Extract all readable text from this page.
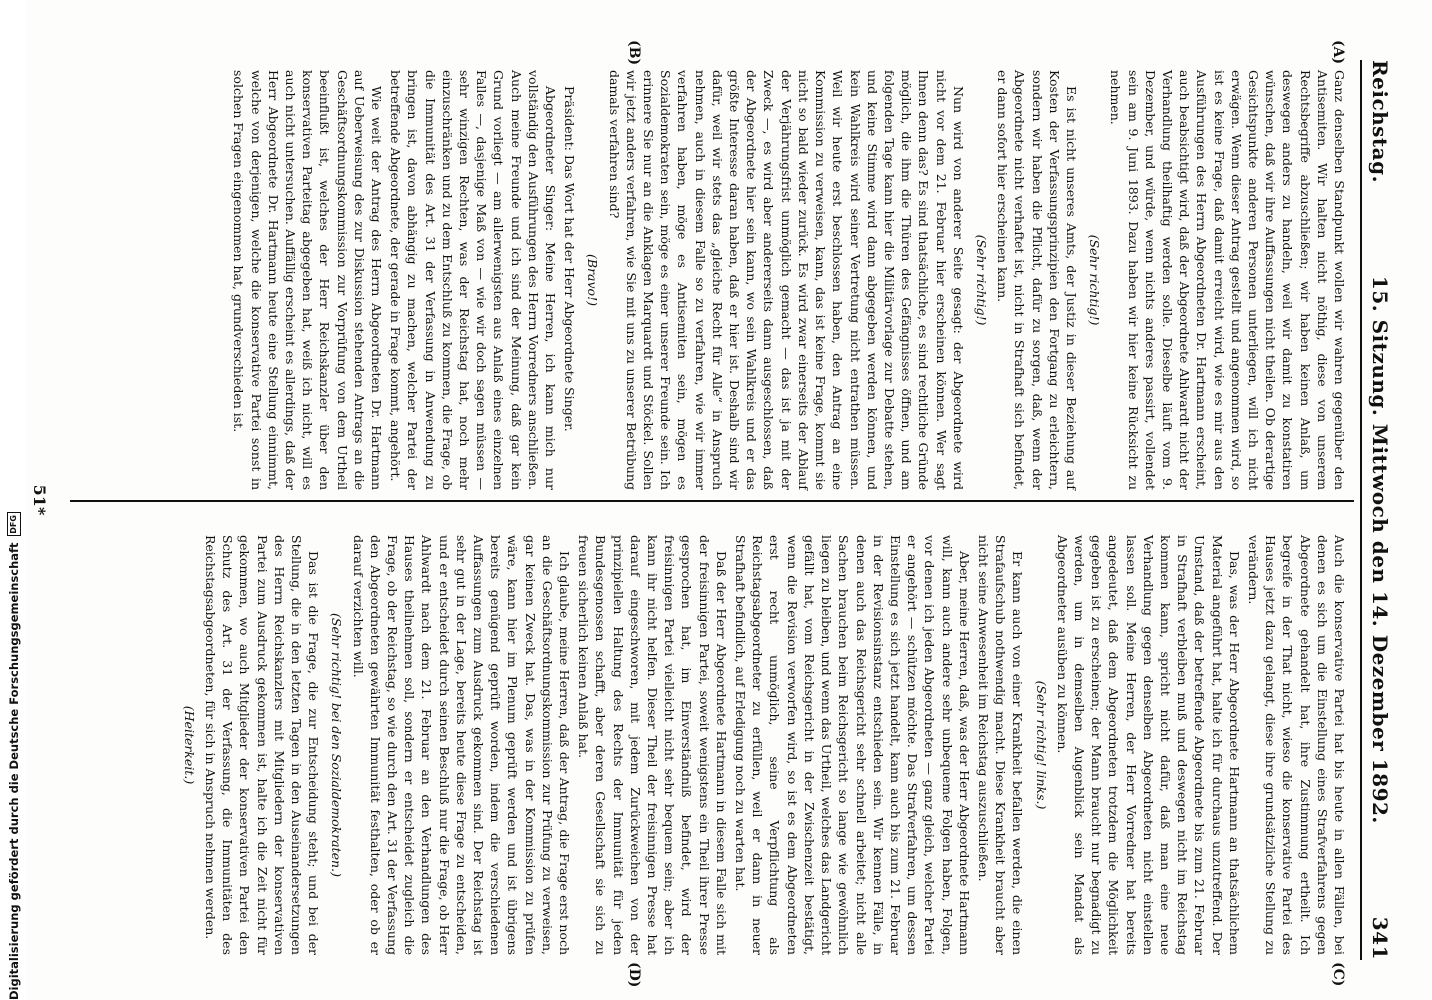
Digitalisierung gefördert durch die Deutsche Forschungsgemeinschaft
DFG
Reichstag.
15. Sitzung. Mittwoch den 14. Dezember 1892.
341
(A)
(B)
(C)
(D)

Ganz denselben Standpunkt wollen wir wahren gegenüber den Antisemiten. Wir halten nicht nöthig, diese von unserem Rechtsbegriffe abzuschließen; wir haben keinen Anlaß, um deswegen anders zu handeln, weil wir damit zu konstatiren wünschen, daß wir ihre Auffassungen nicht theilen. Ob derartige Gesichtspunkte anderen Personen unterliegen, will ich nicht erwägen. Wenn dieser Antrag gestellt und angenommen wird, so ist es keine Frage, daß damit erreicht wird, wie es mir aus den Ausführungen des Herrn Abgeordneten Dr. Hartmann erscheint, auch beabsichtigt wird, daß der Abgeordnete Ahlwardt nicht der Verhandlung theilhaftig werden solle. Dieselbe läuft vom 9. Dezember, und würde, wenn nichts anderes passirt, vollendet sein am 9. Juni 1893. Dazu haben wir hier keine Rücksicht zu nehmen.

(Sehr richtig!)

Es ist nicht unseres Amts, der Justiz in dieser Beziehung auf Kosten der Verfassungsprinzipien den Fortgang zu erleichtern, sondern wir haben die Pflicht, dafür zu sorgen, daß, wenn der Abgeordnete nicht verhaftet ist, nicht in Strafhaft sich befindet, er dann sofort hier erscheinen kann.

(Sehr richtig!)

Nun wird von anderer Seite gesagt: der Abgeordnete wird nicht vor dem 21. Februar hier erscheinen können. Wer sagt Ihnen denn das? Es sind thatsächliche, es sind rechtliche Gründe möglich, die ihm die Thüren des Gefängnisses öffnen, und am folgenden Tage kann hier die Militärvorlage zur Debatte stehen, und keine Stimme wird dann abgegeben werden können, und kein Wahlkreis wird seiner Vertretung nicht entrathen müssen. Weil wir heute erst beschlossen haben, den Antrag an eine Kommission zu verweisen, kann, das ist keine Frage, kommt sie nicht so bald wieder zurück. Es wird zwar einerseits der Ablauf der Verjährungsfrist unmöglich gemacht — das ist ja mit der Zweck —, es wird aber andererseits dann ausgeschlossen, daß der Abgeordnete hier sein kann, wo sein Wahlkreis und er das größte Interesse daran haben, daß er hier ist. Deshalb sind wir dafür, weil wir stets das „gleiche Recht für Alle“ in Anspruch nehmen, auch in diesem Falle so zu verfahren, wie wir immer verfahren haben, möge es Antisemiten sein, mögen es Sozialdemokraten sein, möge es einer unserer Freunde sein. Ich erinnere Sie nur an die Anklagen Marquardt und Stöckel. Sollen wir jetzt anders verfahren, wie Sie mit uns zu unserer Betrübung damals verfahren sind?

(Bravo!)

Präsident: Das Wort hat der Herr Abgeordnete Singer.

Abgeordneter Singer: Meine Herren, ich kann mich nur vollständig den Ausführungen des Herrn Vorredners anschließen. Auch meine Freunde und ich sind der Meinung, daß gar kein Grund vorliegt — am allerwenigsten aus Anlaß eines einzelnen Falles —, dasjenige Maß von — wie wir doch sagen müssen — sehr winzigen Rechten, was der Reichstag hat, noch mehr einzuschränken und zu dem Entschluß zu kommen, die Frage, ob die Immunität des Art. 31 der Verfassung in Anwendung zu bringen ist, davon abhängig zu machen, welcher Partei der betreffende Abgeordnete, der gerade in Frage kommt, angehört.

Wie weit der Antrag des Herrn Abgeordneten Dr. Hartmann auf Ueberweisung des zur Diskussion stehenden Antrags an die Geschäftsordnungskommission zur Vorprüfung von dem Urtheil beeinflußt ist, welches der Herr Reichskanzler über den konservativen Parteitag abgegeben hat, weiß ich nicht, will es auch nicht untersuchen. Auffällig erscheint es allerdings, daß der Herr Abgeordnete Dr. Hartmann heute eine Stellung einnimmt, welche von derjenigen, welche die konservative Partei sonst in solchen Fragen eingenommen hat, grundverschieden ist.

Auch die konservative Partei hat bis heute in allen Fällen, bei denen es sich um die Einstellung eines Strafverfahrens gegen Abgeordnete gehandelt hat, ihre Zustimmung ertheilt. Ich begreife in der That nicht, wieso die konservative Partei des Hauses jetzt dazu gelangt, diese ihre grundsätzliche Stellung zu verändern.

Das, was der Herr Abgeordnete Hartmann an thatsächlichem Material angeführt hat, halte ich für durchaus unzutreffend. Der Umstand, daß der betreffende Abgeordnete bis zum 21. Februar in Strafhaft verbleiben muß und deswegen nicht im Reichstag kommen kann, spricht nicht dafür, daß man eine neue Verhandlung gegen denselben Abgeordneten nicht einstellen lassen soll. Meine Herren, der Herr Vorredner hat bereits angedeutet, daß dem Abgeordneten trotzdem die Möglichkeit gegeben ist zu erscheinen; der Mann braucht nur begnadigt zu werden, um in demselben Augenblick sein Mandat als Abgeordneter ausüben zu können.

(Sehr richtig! links.)

Er kann auch von einer Krankheit befallen werden, die einen Strafaufschub nothwendig macht. Diese Krankheit braucht aber nicht seine Anwesenheit im Reichstag auszuschließen.

Aber, meine Herren, daß, was der Herr Abgeordnete Hartmann will, kann auch andere sehr unbequeme Folgen haben, Folgen, vor denen ich jeden Abgeordneten — ganz gleich, welcher Partei er angehört — schützen möchte. Das Strafverfahren, um dessen Einstellung es sich jetzt handelt, kann auch bis zum 21. Februar in der Revisionsinstanz entschieden sein. Wir kennen Fälle, in denen auch das Reichsgericht sehr schnell arbeitet; nicht alle Sachen brauchen beim Reichsgericht so lange wie gewöhnlich liegen zu bleiben, und wenn das Urtheil, welches das Landgericht gefällt hat, vom Reichsgericht in der Zwischenzeit bestätigt, wenn die Revision verworfen wird, so ist es dem Abgeordneten erst recht unmöglich, seine Verpflichtung als Reichstagsabgeordneter zu erfüllen, weil er dann in neuer Strafhaft befindlich, auf Erledigung noch zu warten hat.

Daß der Herr Abgeordnete Hartmann in diesem Falle sich mit der freisinnigen Partei, soweit wenigstens ein Theil ihrer Presse gesprochen hat, im Einverständniß befindet, wird der freisinnigen Partei vielleicht nicht sehr bequem sein; aber ich kann ihr nicht helfen. Dieser Theil der freisinnigen Presse hat darauf eingeschworen, mit jedem Zurückweichen von der prinzipiellen Haltung des Rechts der Immunität für jeden Bundesgenossen schafft, aber deren Gesellschaft sie sich zu freuen sicherlich keinen Anlaß hat.

Ich glaube, meine Herren, daß der Antrag, die Frage erst noch an die Geschäftsordnungskommission zur Prüfung zu verweisen, gar keinen Zweck hat. Das, was in der Kommission zu prüfen wäre, kann hier im Plenum geprüft werden und ist übrigens bereits genügend geprüft worden, indem die verschiedenen Auffassungen zum Ausdruck gekommen sind. Der Reichstag ist sehr gut in der Lage, bereits heute diese Frage zu entscheiden, und er entscheidet durch seinen Beschluß nur die Frage, ob Herr Ahlwardt nach dem 21. Februar an den Verhandlungen des Hauses theilnehmen soll, sondern er entscheidet zugleich die Frage, ob der Reichstag, so wie durch den Art. 31 der Verfassung den Abgeordneten gewährten Immunität festhalten, oder ob er darauf verzichten will.

(Sehr richtig! bei den Sozialdemokraten.)

Das ist die Frage, die zur Entscheidung steht; und bei der Stellung, die in den letzten Tagen in den Auseinandersetzungen des Herrn Reichskanzlers mit Mitgliedern der konservativen Partei zum Ausdruck gekommen ist, halte ich die Zeit nicht für gekommen, wo auch Mitglieder der konservativen Partei den Schutz des Art. 31 der Verfassung, die Immunitäten des Reichstagsabgeordneten, für sich in Anspruch nehmen werden.

(Heiterkeit.)

51*
